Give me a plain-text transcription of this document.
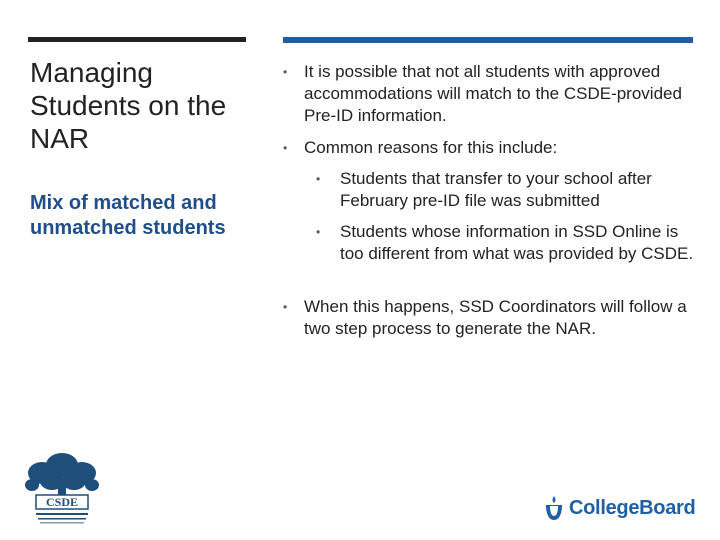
Managing Students on the NAR
Mix of matched and unmatched students
• It is possible that not all students with approved accommodations will match to the CSDE-provided Pre-ID information.
• Common reasons for this include:
• Students that transfer to your school after February pre-ID file was submitted
• Students whose information in SSD Online is too different from what was provided by CSDE.
• When this happens, SSD Coordinators will follow a two step process to generate the NAR.
CSDE	CollegeBoard
